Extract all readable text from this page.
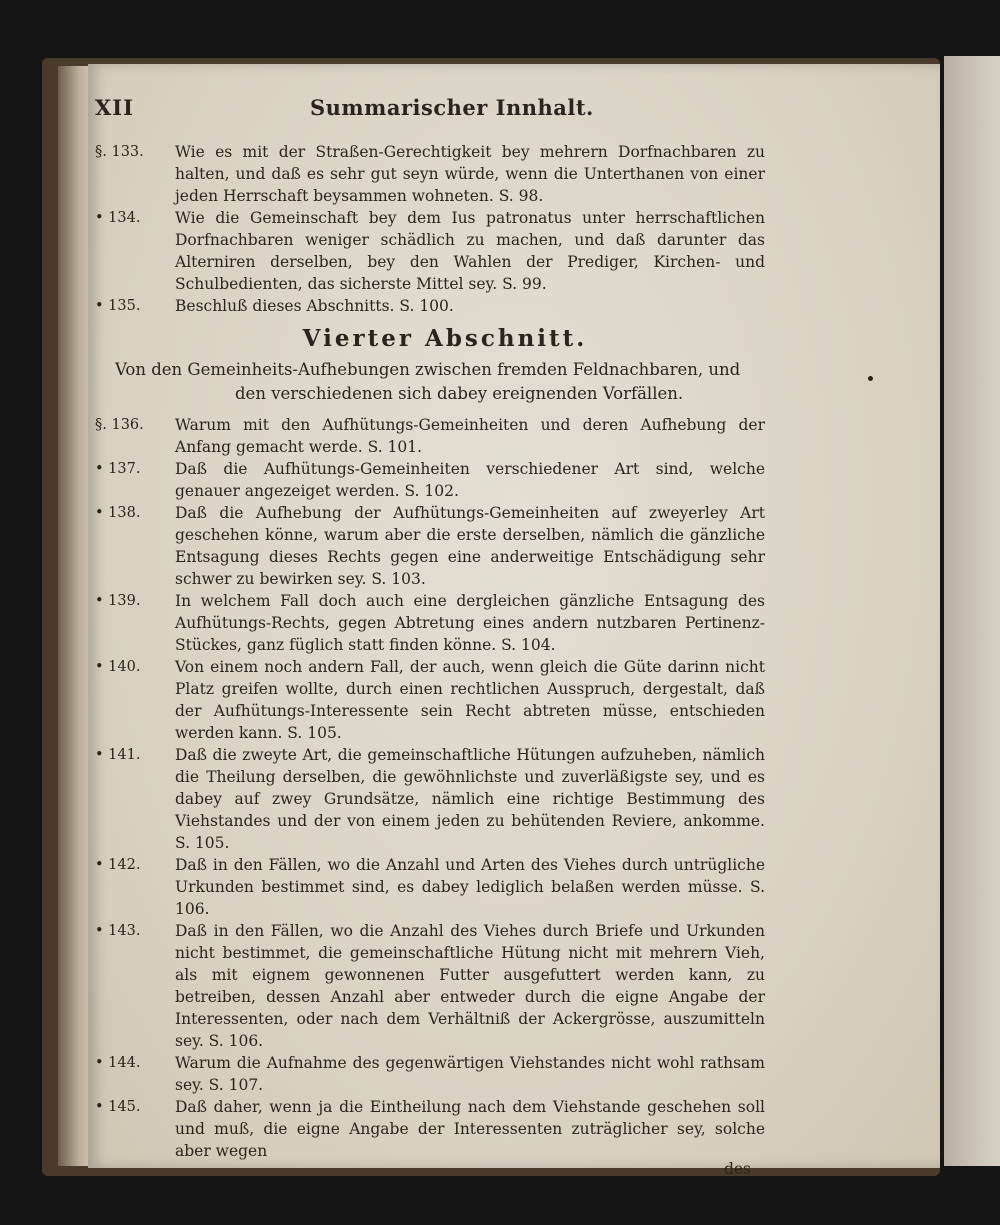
XII	Summarischer Innhalt.
§. 133.	Wie es mit der Straßen-Gerechtigkeit bey mehrern Dorfnachbaren zu halten, und daß es sehr gut seyn würde, wenn die Unterthanen von einer jeden Herrschaft beysammen wohneten. S. 98.
• 134.	Wie die Gemeinschaft bey dem Ius patronatus unter herrschaftlichen Dorfnachbaren weniger schädlich zu machen, und daß darunter das Alterniren derselben, bey den Wahlen der Prediger, Kirchen- und Schulbedienten, das sicherste Mittel sey. S. 99.
• 135.	Beschluß dieses Abschnitts. S. 100.
Vierter Abschnitt.
Von den Gemeinheits-Aufhebungen zwischen fremden Feldnachbaren, und
den verschiedenen sich dabey ereignenden Vorfällen.
§. 136.	Warum mit den Aufhütungs-Gemeinheiten und deren Aufhebung der Anfang gemacht werde. S. 101.
• 137.	Daß die Aufhütungs-Gemeinheiten verschiedener Art sind, welche genauer angezeiget werden. S. 102.
• 138.	Daß die Aufhebung der Aufhütungs-Gemeinheiten auf zweyerley Art geschehen könne, warum aber die erste derselben, nämlich die gänzliche Entsagung dieses Rechts gegen eine anderweitige Entschädigung sehr schwer zu bewirken sey. S. 103.
• 139.	In welchem Fall doch auch eine dergleichen gänzliche Entsagung des Aufhütungs-Rechts, gegen Abtretung eines andern nutzbaren Pertinenz-Stückes, ganz füglich statt finden könne. S. 104.
• 140.	Von einem noch andern Fall, der auch, wenn gleich die Güte darinn nicht Platz greifen wollte, durch einen rechtlichen Ausspruch, dergestalt, daß der Aufhütungs-Interessente sein Recht abtreten müsse, entschieden werden kann. S. 105.
• 141.	Daß die zweyte Art, die gemeinschaftliche Hütungen aufzuheben, nämlich die Theilung derselben, die gewöhnlichste und zuverläßigste sey, und es dabey auf zwey Grundsätze, nämlich eine richtige Bestimmung des Viehstandes und der von einem jeden zu behütenden Reviere, ankomme. S. 105.
• 142.	Daß in den Fällen, wo die Anzahl und Arten des Viehes durch untrügliche Urkunden bestimmet sind, es dabey lediglich belaßen werden müsse. S. 106.
• 143.	Daß in den Fällen, wo die Anzahl des Viehes durch Briefe und Urkunden nicht bestimmet, die gemeinschaftliche Hütung nicht mit mehrern Vieh, als mit eignem gewonnenen Futter ausgefuttert werden kann, zu betreiben, dessen Anzahl aber entweder durch die eigne Angabe der Interessenten, oder nach dem Verhältniß der Ackergrösse, auszumitteln sey. S. 106.
• 144.	Warum die Aufnahme des gegenwärtigen Viehstandes nicht wohl rathsam sey. S. 107.
• 145.	Daß daher, wenn ja die Eintheilung nach dem Viehstande geschehen soll und muß, die eigne Angabe der Interessenten zuträglicher sey, solche aber wegen
des
